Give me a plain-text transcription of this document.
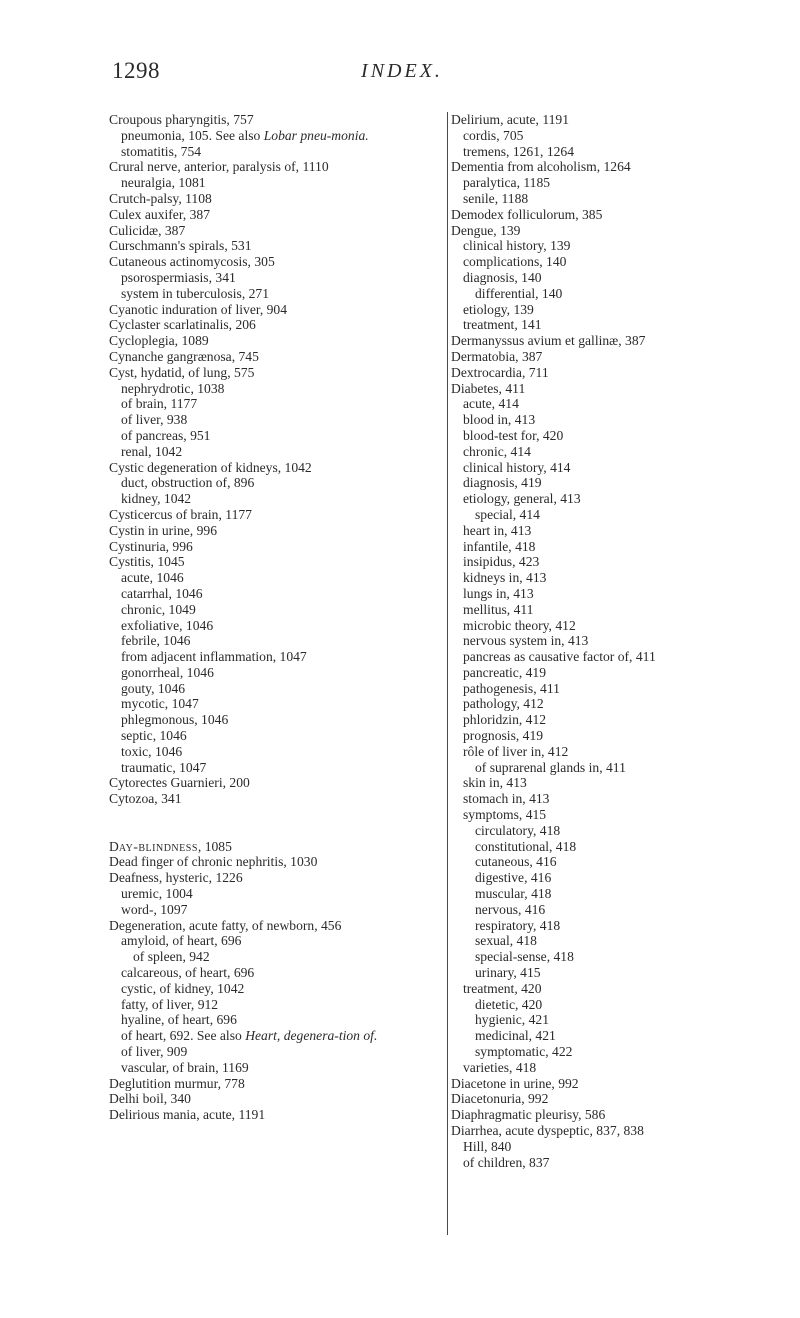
1298	INDEX.
Croupous pharyngitis, 757
pneumonia, 105. See also Lobar pneu-monia.
stomatitis, 754
Crural nerve, anterior, paralysis of, 1110
neuralgia, 1081
Crutch-palsy, 1108
Culex auxifer, 387
Culicidæ, 387
Curschmann's spirals, 531
Cutaneous actinomycosis, 305
psorospermiasis, 341
system in tuberculosis, 271
Cyanotic induration of liver, 904
Cyclaster scarlatinalis, 206
Cycloplegia, 1089
Cynanche gangrænosa, 745
Cyst, hydatid, of lung, 575
nephrydrotic, 1038
of brain, 1177
of liver, 938
of pancreas, 951
renal, 1042
Cystic degeneration of kidneys, 1042
duct, obstruction of, 896
kidney, 1042
Cysticercus of brain, 1177
Cystin in urine, 996
Cystinuria, 996
Cystitis, 1045
acute, 1046
catarrhal, 1046
chronic, 1049
exfoliative, 1046
febrile, 1046
from adjacent inflammation, 1047
gonorrheal, 1046
gouty, 1046
mycotic, 1047
phlegmonous, 1046
septic, 1046
toxic, 1046
traumatic, 1047
Cytorectes Guarnieri, 200
Cytozoa, 341
Day-blindness, 1085
Dead finger of chronic nephritis, 1030
Deafness, hysteric, 1226
uremic, 1004
word-, 1097
Degeneration, acute fatty, of newborn, 456
amyloid, of heart, 696
of spleen, 942
calcareous, of heart, 696
cystic, of kidney, 1042
fatty, of liver, 912
hyaline, of heart, 696
of heart, 692. See also Heart, degenera-tion of.
of liver, 909
vascular, of brain, 1169
Deglutition murmur, 778
Delhi boil, 340
Delirious mania, acute, 1191
Delirium, acute, 1191
cordis, 705
tremens, 1261, 1264
Dementia from alcoholism, 1264
paralytica, 1185
senile, 1188
Demodex folliculorum, 385
Dengue, 139
clinical history, 139
complications, 140
diagnosis, 140
differential, 140
etiology, 139
treatment, 141
Dermanyssus avium et gallinæ, 387
Dermatobia, 387
Dextrocardia, 711
Diabetes, 411
acute, 414
blood in, 413
blood-test for, 420
chronic, 414
clinical history, 414
diagnosis, 419
etiology, general, 413
special, 414
heart in, 413
infantile, 418
insipidus, 423
kidneys in, 413
lungs in, 413
mellitus, 411
microbic theory, 412
nervous system in, 413
pancreas as causative factor of, 411
pancreatic, 419
pathogenesis, 411
pathology, 412
phloridzin, 412
prognosis, 419
rôle of liver in, 412
of suprarenal glands in, 411
skin in, 413
stomach in, 413
symptoms, 415
circulatory, 418
constitutional, 418
cutaneous, 416
digestive, 416
muscular, 418
nervous, 416
respiratory, 418
sexual, 418
special-sense, 418
urinary, 415
treatment, 420
dietetic, 420
hygienic, 421
medicinal, 421
symptomatic, 422
varieties, 418
Diacetone in urine, 992
Diacetonuria, 992
Diaphragmatic pleurisy, 586
Diarrhea, acute dyspeptic, 837, 838
Hill, 840
of children, 837
